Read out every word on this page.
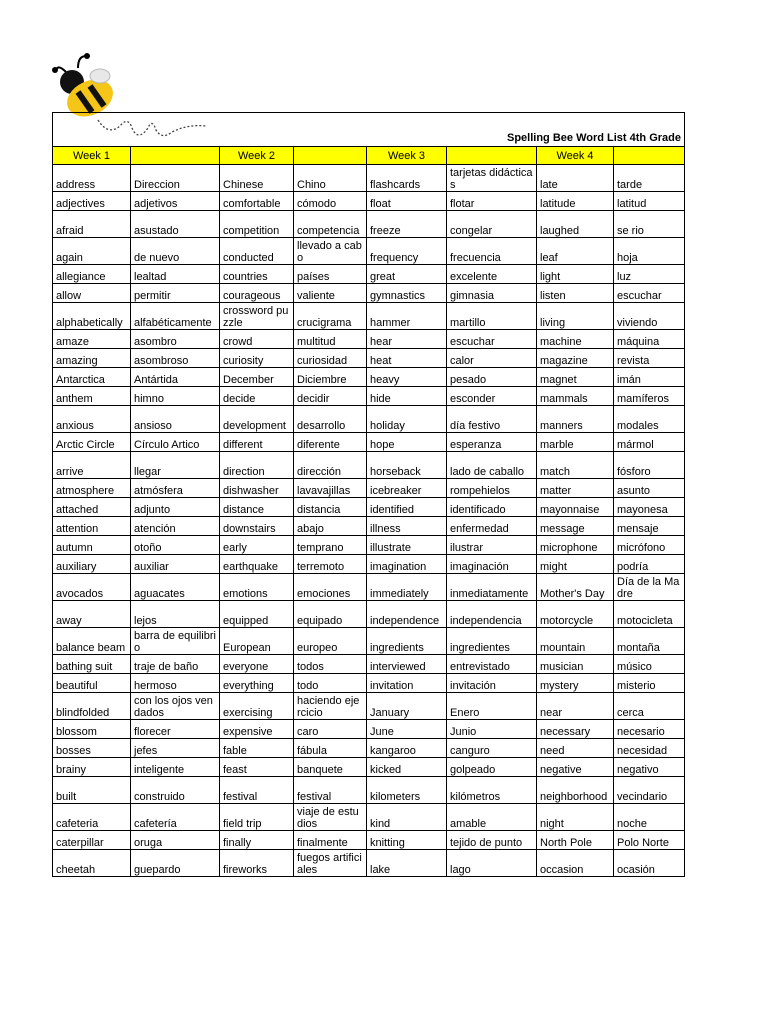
Spelling Bee Word List 4th Grade							
Week 1		Week 2		Week 3		Week 4	
address	Direccion	Chinese	Chino	flashcards	tarjetas didácticas	late	tarde
adjectives	adjetivos	comfortable	cómodo	float	flotar	latitude	latitud
afraid	asustado	competition	competencia	freeze	congelar	laughed	se rio
again	de nuevo	conducted	llevado a cabo	frequency	frecuencia	leaf	hoja
allegiance	lealtad	countries	países	great	excelente	light	luz
allow	permitir	courageous	valiente	gymnastics	gimnasia	listen	escuchar
alphabetically	alfabéticamente	crossword puzzle	crucigrama	hammer	martillo	living	viviendo
amaze	asombro	crowd	multitud	hear	escuchar	machine	máquina
amazing	asombroso	curiosity	curiosidad	heat	calor	magazine	revista
Antarctica	Antártida	December	Diciembre	heavy	pesado	magnet	imán
anthem	himno	decide	decidir	hide	esconder	mammals	mamíferos
anxious	ansioso	development	desarrollo	holiday	día festivo	manners	modales
Arctic Circle	Círculo Artico	different	diferente	hope	esperanza	marble	mármol
arrive	llegar	direction	dirección	horseback	lado de caballo	match	fósforo
atmosphere	atmósfera	dishwasher	lavavajillas	icebreaker	rompehielos	matter	asunto
attached	adjunto	distance	distancia	identified	identificado	mayonnaise	mayonesa
attention	atención	downstairs	abajo	illness	enfermedad	message	mensaje
autumn	otoño	early	temprano	illustrate	ilustrar	microphone	micrófono
auxiliary	auxiliar	earthquake	terremoto	imagination	imaginación	might	podría
avocados	aguacates	emotions	emociones	immediately	inmediatamente	Mother's Day	Día de la Madre
away	lejos	equipped	equipado	independence	independencia	motorcycle	motocicleta
balance beam	barra de equilibrio	European	europeo	ingredients	ingredientes	mountain	montaña
bathing suit	traje de baño	everyone	todos	interviewed	entrevistado	musician	músico
beautiful	hermoso	everything	todo	invitation	invitación	mystery	misterio
blindfolded	con los ojos vendados	exercising	haciendo ejercicio	January	Enero	near	cerca
blossom	florecer	expensive	caro	June	Junio	necessary	necesario
bosses	jefes	fable	fábula	kangaroo	canguro	need	necesidad
brainy	inteligente	feast	banquete	kicked	golpeado	negative	negativo
built	construido	festival	festival	kilometers	kilómetros	neighborhood	vecindario
cafeteria	cafetería	field trip	viaje de estudios	kind	amable	night	noche
caterpillar	oruga	finally	finalmente	knitting	tejido de punto	North Pole	Polo Norte
cheetah	guepardo	fireworks	fuegos artificiales	lake	lago	occasion	ocasión
